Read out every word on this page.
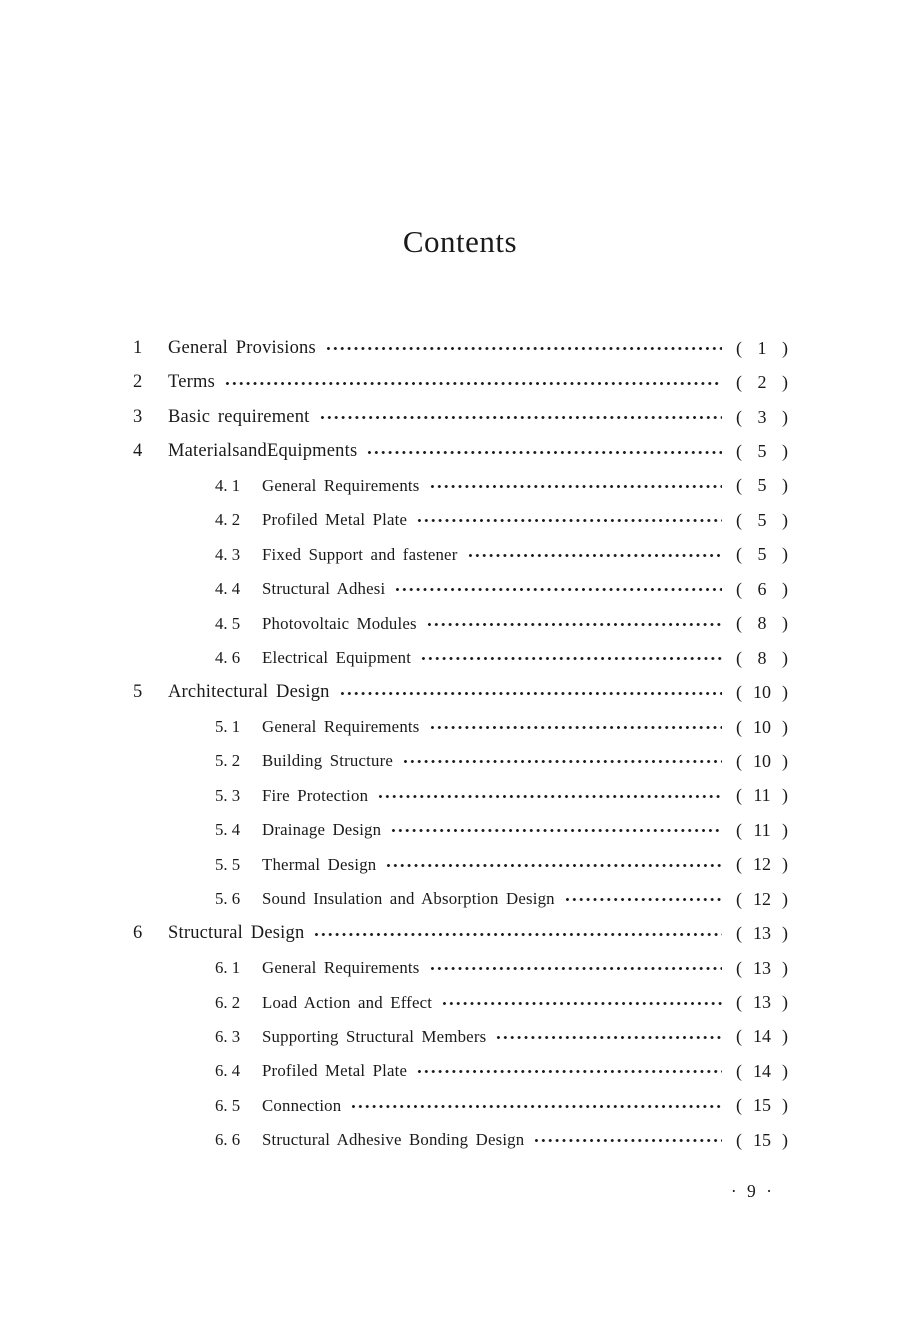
Contents
1	General Provisions	( 1 )
2	Terms	( 2 )
3	Basic requirement	( 3 )
4	MaterialsandEquipments	( 5 )
4. 1	General Requirements	( 5 )
4. 2	Profiled Metal Plate	( 5 )
4. 3	Fixed Support and fastener	( 5 )
4. 4	Structural Adhesi	( 6 )
4. 5	Photovoltaic Modules	( 8 )
4. 6	Electrical Equipment	( 8 )
5	Architectural Design	( 10 )
5. 1	General Requirements	( 10 )
5. 2	Building Structure	( 10 )
5. 3	Fire Protection	( 11 )
5. 4	Drainage Design	( 11 )
5. 5	Thermal Design	( 12 )
5. 6	Sound Insulation and Absorption Design	( 12 )
6	Structural Design	( 13 )
6. 1	General Requirements	( 13 )
6. 2	Load Action and Effect	( 13 )
6. 3	Supporting Structural Members	( 14 )
6. 4	Profiled Metal Plate	( 14 )
6. 5	Connection	( 15 )
6. 6	Structural Adhesive Bonding Design	( 15 )
· 9 ·
